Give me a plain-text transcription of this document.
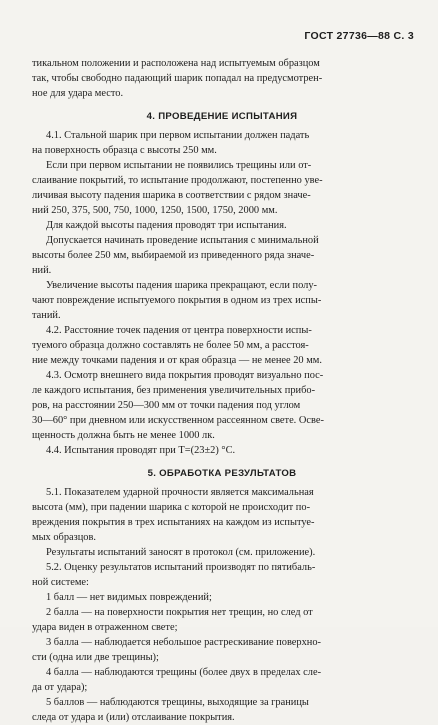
ГОСТ 27736—88 С. 3
тикальном положении и расположена над испытуемым образцом
так, чтобы свободно падающий шарик попадал на предусмотрен-
ное для удара место.
4. ПРОВЕДЕНИЕ ИСПЫТАНИЯ
4.1. Стальной шарик при первом испытании должен падать
на поверхность образца с высоты 250 мм.
Если при первом испытании не появились трещины или от-
слаивание покрытий, то испытание продолжают, постепенно уве-
личивая высоту падения шарика в соответствии с рядом значе-
ний 250, 375, 500, 750, 1000, 1250, 1500, 1750, 2000 мм.
Для каждой высоты падения проводят три испытания.
Допускается начинать проведение испытания с минимальной
высоты более 250 мм, выбираемой из приведенного ряда значе-
ний.
Увеличение высоты падения шарика прекращают, если полу-
чают повреждение испытуемого покрытия в одном из трех испы-
таний.
4.2. Расстояние точек падения от центра поверхности испы-
туемого образца должно составлять не более 50 мм, а расстоя-
ние между точками падения и от края образца — не менее 20 мм.
4.3. Осмотр внешнего вида покрытия проводят визуально пос-
ле каждого испытания, без применения увеличительных прибо-
ров, на расстоянии 250—300 мм от точки падения под углом
30—60° при дневном или искусственном рассеянном свете. Осве-
щенность должна быть не менее 1000 лк.
4.4. Испытания проводят при T=(23±2) °С.
5. ОБРАБОТКА РЕЗУЛЬТАТОВ
5.1. Показателем ударной прочности является максимальная
высота (мм), при падении шарика с которой не происходит по-
вреждения покрытия в трех испытаниях на каждом из испытуе-
мых образцов.
Результаты испытаний заносят в протокол (см. приложение).
5.2. Оценку результатов испытаний производят по пятибаль-
ной системе:
1 балл — нет видимых повреждений;
2 балла — на поверхности покрытия нет трещин, но след от
удара виден в отраженном свете;
3 балла — наблюдается небольшое растрескивание поверхно-
сти (одна или две трещины);
4 балла — наблюдаются трещины (более двух в пределах сле-
да от удара);
5 баллов — наблюдаются трещины, выходящие за границы
следа от удара и (или) отслаивание покрытия.
